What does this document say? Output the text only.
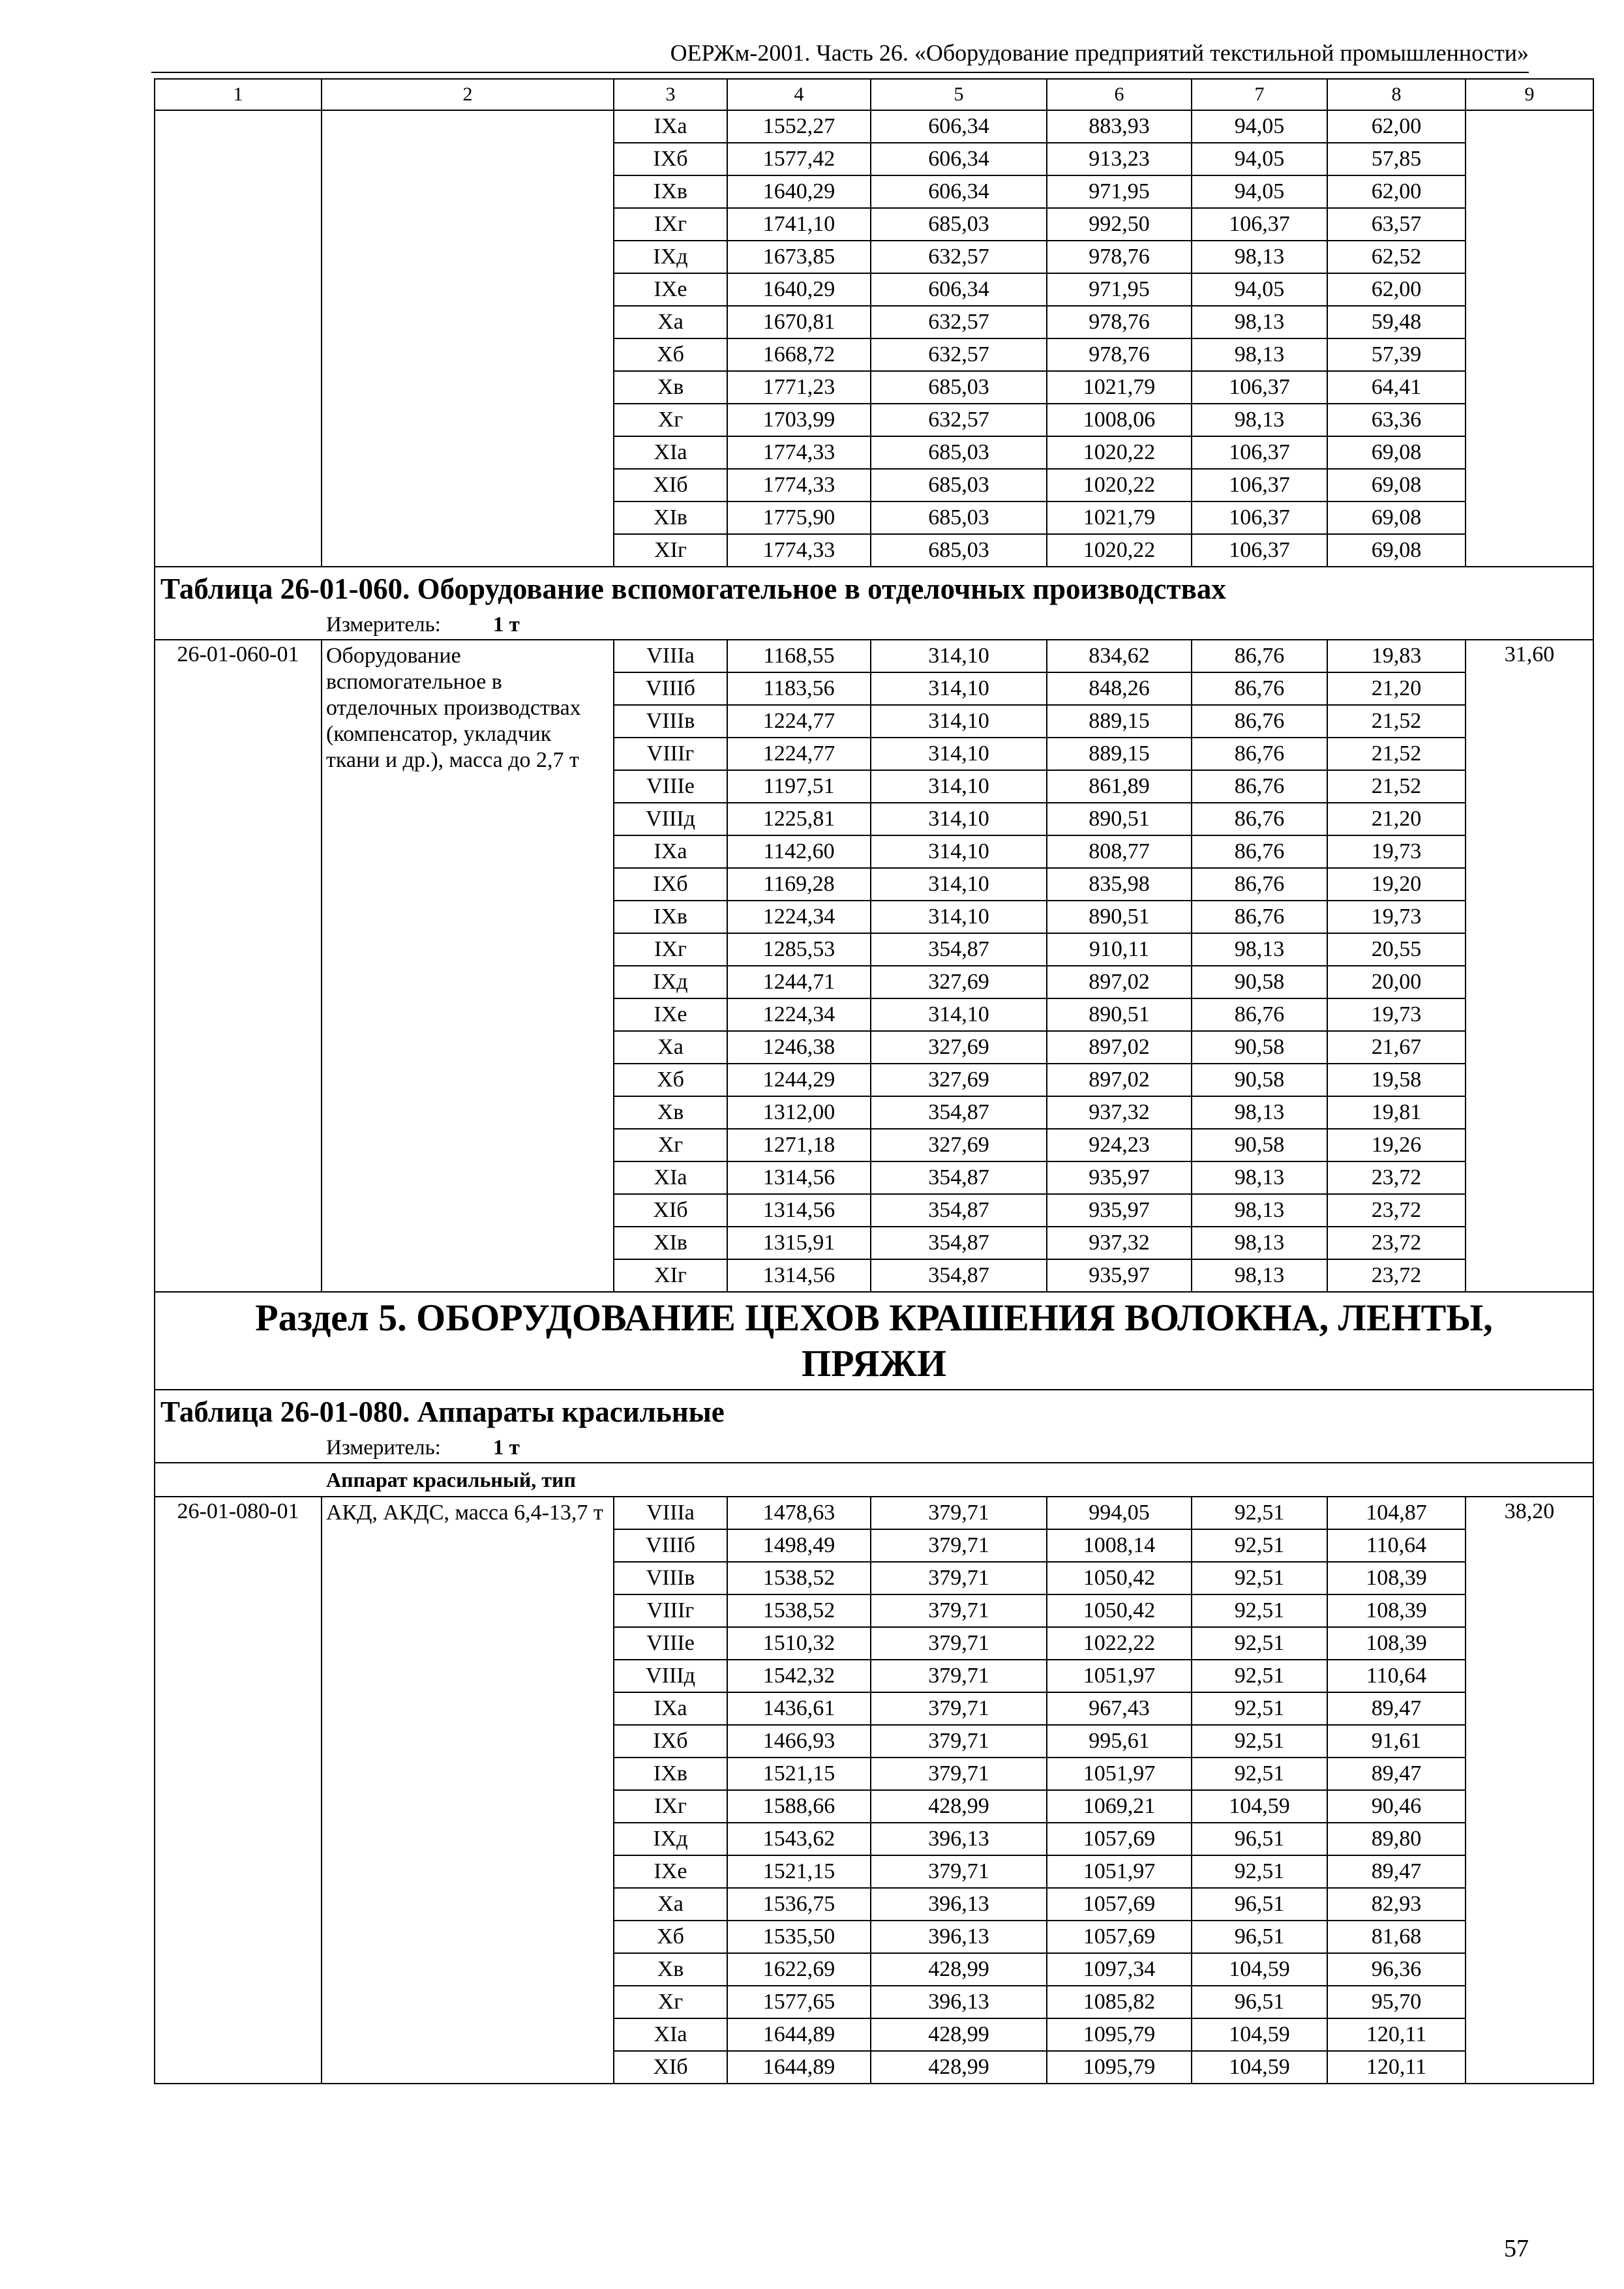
ОЕРЖм-2001. Часть 26. «Оборудование предприятий текстильной промышленности»
1	2	3	4	5	6	7	8	9
		IXа	1552,27	606,34	883,93	94,05	62,00	
		IXб	1577,42	606,34	913,23	94,05	57,85	
		IXв	1640,29	606,34	971,95	94,05	62,00	
		IXг	1741,10	685,03	992,50	106,37	63,57	
		IXд	1673,85	632,57	978,76	98,13	62,52	
		IXе	1640,29	606,34	971,95	94,05	62,00	
		Xа	1670,81	632,57	978,76	98,13	59,48	
		Xб	1668,72	632,57	978,76	98,13	57,39	
		Xв	1771,23	685,03	1021,79	106,37	64,41	
		Xг	1703,99	632,57	1008,06	98,13	63,36	
		XIа	1774,33	685,03	1020,22	106,37	69,08	
		XIб	1774,33	685,03	1020,22	106,37	69,08	
		XIв	1775,90	685,03	1021,79	106,37	69,08	
		XIг	1774,33	685,03	1020,22	106,37	69,08	
Таблица 26-01-060. Оборудование вспомогательное в отделочных производствах								
Измеритель: 1 т								
26-01-060-01	Оборудование вспомогательное в отделочных производствах (компенсатор, укладчик ткани и др.), масса до 2,7 т	VIIIа	1168,55	314,10	834,62	86,76	19,83	31,60
		VIIIб	1183,56	314,10	848,26	86,76	21,20	
		VIIIв	1224,77	314,10	889,15	86,76	21,52	
		VIIIг	1224,77	314,10	889,15	86,76	21,52	
		VIIIе	1197,51	314,10	861,89	86,76	21,52	
		VIIIд	1225,81	314,10	890,51	86,76	21,20	
		IXа	1142,60	314,10	808,77	86,76	19,73	
		IXб	1169,28	314,10	835,98	86,76	19,20	
		IXв	1224,34	314,10	890,51	86,76	19,73	
		IXг	1285,53	354,87	910,11	98,13	20,55	
		IXд	1244,71	327,69	897,02	90,58	20,00	
		IXе	1224,34	314,10	890,51	86,76	19,73	
		Xа	1246,38	327,69	897,02	90,58	21,67	
		Xб	1244,29	327,69	897,02	90,58	19,58	
		Xв	1312,00	354,87	937,32	98,13	19,81	
		Xг	1271,18	327,69	924,23	90,58	19,26	
		XIа	1314,56	354,87	935,97	98,13	23,72	
		XIб	1314,56	354,87	935,97	98,13	23,72	
		XIв	1315,91	354,87	937,32	98,13	23,72	
		XIг	1314,56	354,87	935,97	98,13	23,72	
Раздел 5. ОБОРУДОВАНИЕ ЦЕХОВ КРАШЕНИЯ ВОЛОКНА, ЛЕНТЫ, ПРЯЖИ								
Таблица 26-01-080. Аппараты красильные								
Измеритель: 1 т								
Аппарат красильный, тип								
26-01-080-01	АКД, АКДС, масса 6,4-13,7 т	VIIIа	1478,63	379,71	994,05	92,51	104,87	38,20
		VIIIб	1498,49	379,71	1008,14	92,51	110,64	
		VIIIв	1538,52	379,71	1050,42	92,51	108,39	
		VIIIг	1538,52	379,71	1050,42	92,51	108,39	
		VIIIе	1510,32	379,71	1022,22	92,51	108,39	
		VIIIд	1542,32	379,71	1051,97	92,51	110,64	
		IXа	1436,61	379,71	967,43	92,51	89,47	
		IXб	1466,93	379,71	995,61	92,51	91,61	
		IXв	1521,15	379,71	1051,97	92,51	89,47	
		IXг	1588,66	428,99	1069,21	104,59	90,46	
		IXд	1543,62	396,13	1057,69	96,51	89,80	
		IXе	1521,15	379,71	1051,97	92,51	89,47	
		Xа	1536,75	396,13	1057,69	96,51	82,93	
		Xб	1535,50	396,13	1057,69	96,51	81,68	
		Xв	1622,69	428,99	1097,34	104,59	96,36	
		Xг	1577,65	396,13	1085,82	96,51	95,70	
		XIа	1644,89	428,99	1095,79	104,59	120,11	
		XIб	1644,89	428,99	1095,79	104,59	120,11	
57
